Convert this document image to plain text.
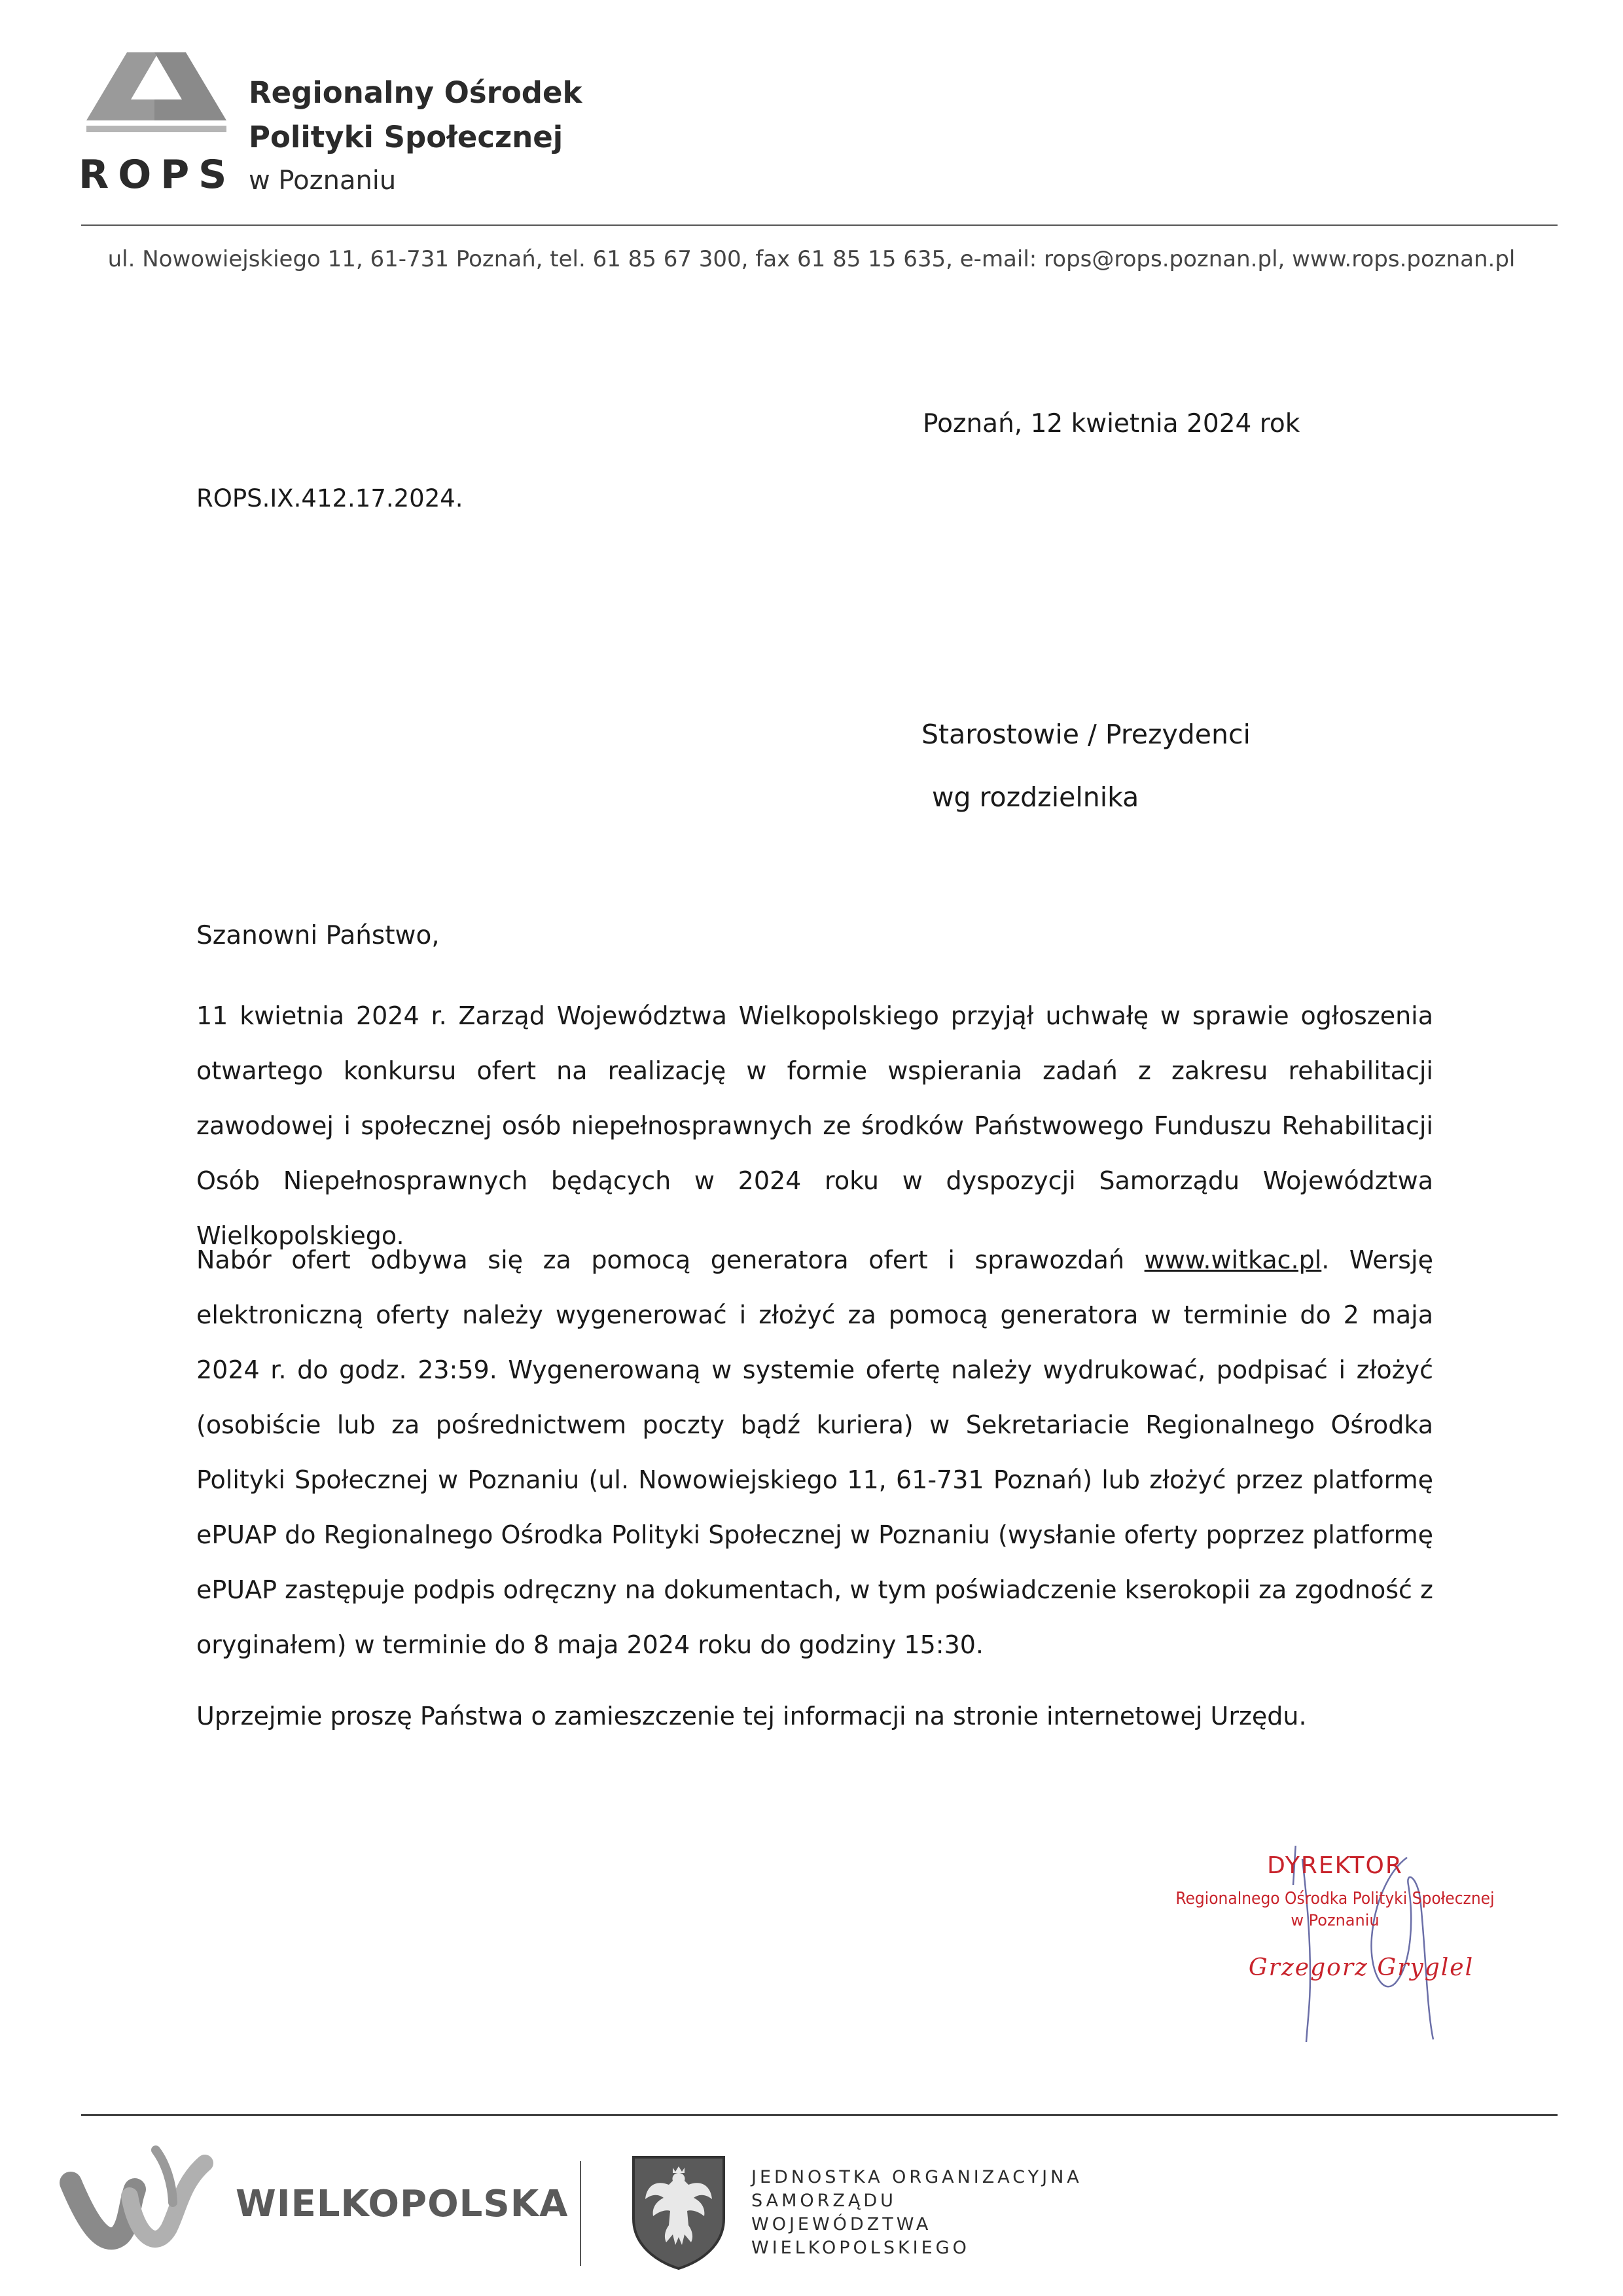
Regionalny Ośrodek
Polityki Społecznej
ROPS w Poznaniu
ul. Nowowiejskiego 11, 61-731 Poznań, tel. 61 85 67 300, fax 61 85 15 635, e-mail: rops@rops.poznan.pl, www.rops.poznan.pl
Poznań, 12 kwietnia 2024 rok
ROPS.IX.412.17.2024.
Starostowie / Prezydenci
wg rozdzielnika
Szanowni Państwo,
11 kwietnia 2024 r. Zarząd Województwa Wielkopolskiego przyjął uchwałę w sprawie ogłoszenia otwartego konkursu ofert na realizację w formie wspierania zadań z zakresu rehabilitacji zawodowej i społecznej osób niepełnosprawnych ze środków Państwowego Funduszu Rehabilitacji Osób Niepełnosprawnych będących w 2024 roku w dyspozycji Samorządu Województwa Wielkopolskiego.
Nabór ofert odbywa się za pomocą generatora ofert i sprawozdań www.witkac.pl. Wersję elektroniczną oferty należy wygenerować i złożyć za pomocą generatora w terminie do 2 maja 2024 r. do godz. 23:59. Wygenerowaną w systemie ofertę należy wydrukować, podpisać i złożyć (osobiście lub za pośrednictwem poczty bądź kuriera) w Sekretariacie Regionalnego Ośrodka Polityki Społecznej w Poznaniu (ul. Nowowiejskiego 11, 61-731 Poznań) lub złożyć przez platformę ePUAP do Regionalnego Ośrodka Polityki Społecznej w Poznaniu (wysłanie oferty poprzez platformę ePUAP zastępuje podpis odręczny na dokumentach, w tym poświadczenie kserokopii za zgodność z oryginałem) w terminie do 8 maja 2024 roku do godziny 15:30.
Uprzejmie proszę Państwa o zamieszczenie tej informacji na stronie internetowej Urzędu.
DYREKTOR
Regionalnego Ośrodka Polityki Społecznej
w Poznaniu
Grzegorz Gryglel
WIELKOPOLSKA
JEDNOSTKA ORGANIZACYJNA
SAMORZĄDU
WOJEWÓDZTWA
WIELKOPOLSKIEGO
